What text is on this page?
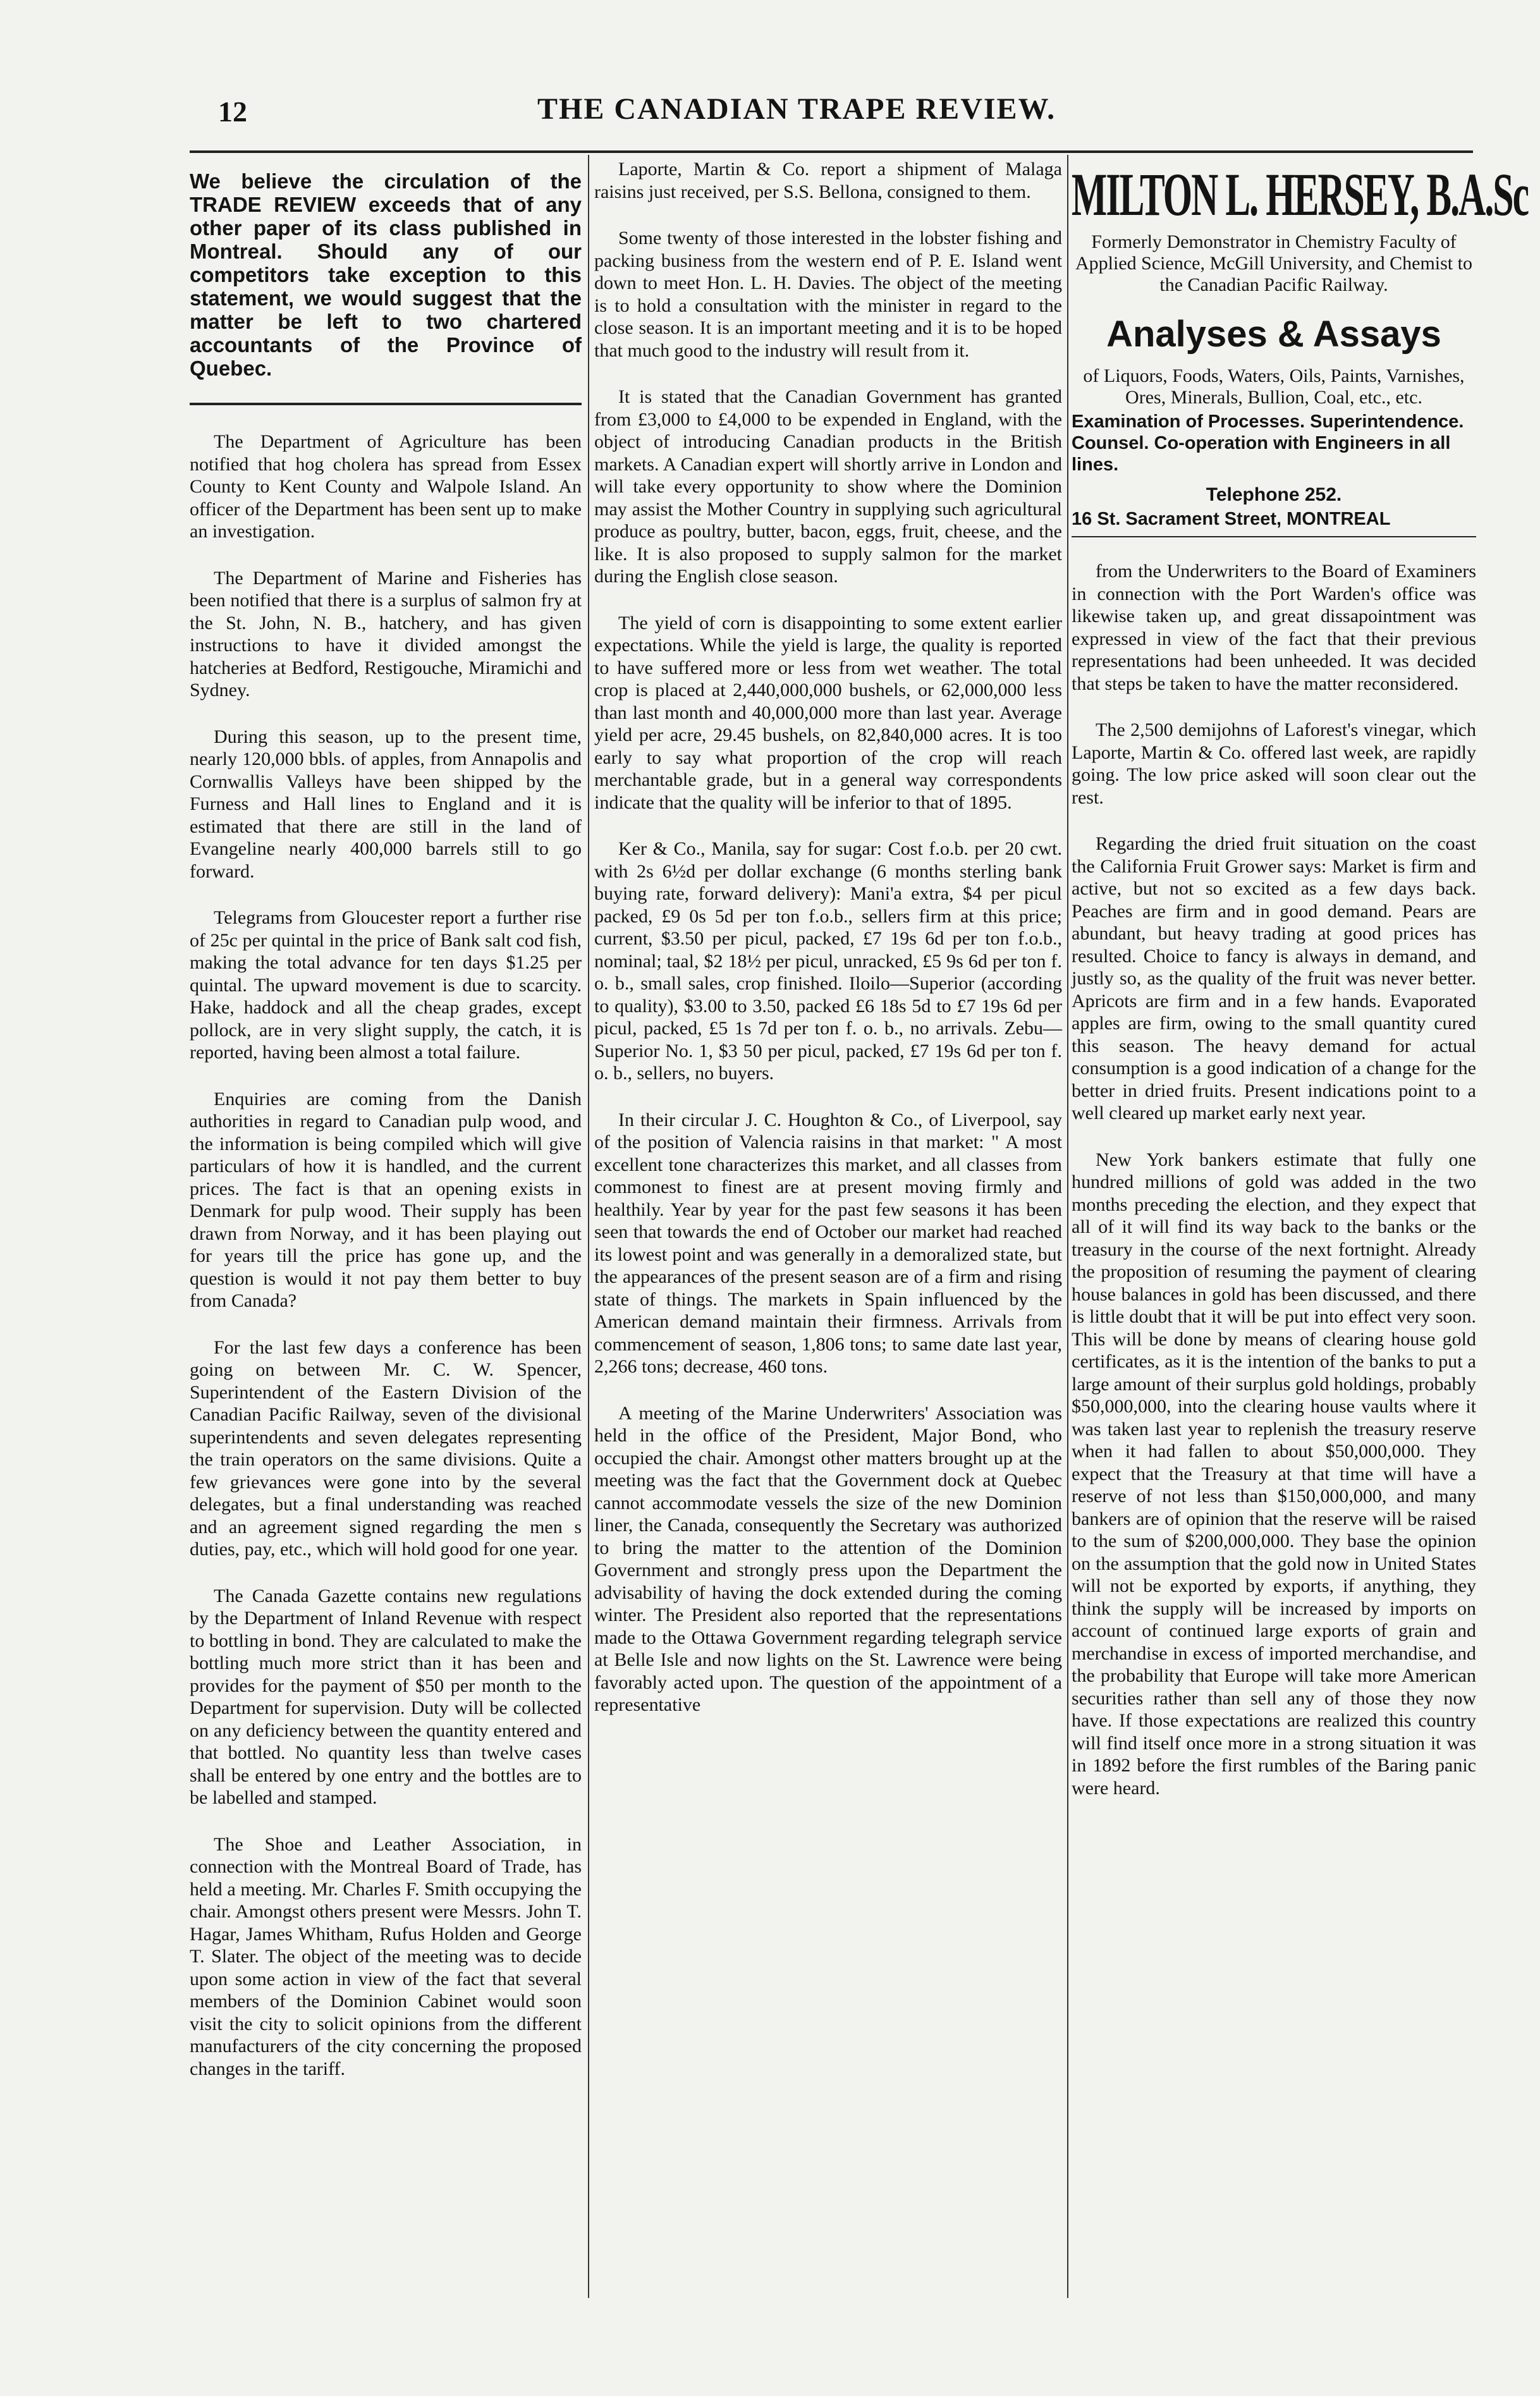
12	THE CANADIAN TRAPE REVIEW.

We believe the circulation of the TRADE REVIEW exceeds that of any other paper of its class published in Montreal. Should any of our competitors take exception to this statement, we would suggest that the matter be left to two chartered accountants of the Province of Quebec.

The Department of Agriculture has been notified that hog cholera has spread from Essex County to Kent County and Walpole Island. An officer of the Department has been sent up to make an investigation.

The Department of Marine and Fisheries has been notified that there is a surplus of salmon fry at the St. John, N. B., hatchery, and has given instructions to have it divided amongst the hatcheries at Bedford, Restigouche, Miramichi and Sydney.

During this season, up to the present time, nearly 120,000 bbls. of apples, from Annapolis and Cornwallis Valleys have been shipped by the Furness and Hall lines to England and it is estimated that there are still in the land of Evangeline nearly 400,000 barrels still to go forward.

Telegrams from Gloucester report a further rise of 25c per quintal in the price of Bank salt cod fish, making the total advance for ten days $1.25 per quintal. The upward movement is due to scarcity. Hake, haddock and all the cheap grades, except pollock, are in very slight supply, the catch, it is reported, having been almost a total failure.

Enquiries are coming from the Danish authorities in regard to Canadian pulp wood, and the information is being compiled which will give particulars of how it is handled, and the current prices. The fact is that an opening exists in Denmark for pulp wood. Their supply has been drawn from Norway, and it has been playing out for years till the price has gone up, and the question is would it not pay them better to buy from Canada?

For the last few days a conference has been going on between Mr. C. W. Spencer, Superintendent of the Eastern Division of the Canadian Pacific Railway, seven of the divisional superintendents and seven delegates representing the train operators on the same divisions. Quite a few grievances were gone into by the several delegates, but a final understanding was reached and an agreement signed regarding the men s duties, pay, etc., which will hold good for one year.

The Canada Gazette contains new regulations by the Department of Inland Revenue with respect to bottling in bond. They are calculated to make the bottling much more strict than it has been and provides for the payment of $50 per month to the Department for supervision. Duty will be collected on any deficiency between the quantity entered and that bottled. No quantity less than twelve cases shall be entered by one entry and the bottles are to be labelled and stamped.

The Shoe and Leather Association, in connection with the Montreal Board of Trade, has held a meeting. Mr. Charles F. Smith occupying the chair. Amongst others present were Messrs. John T. Hagar, James Whitham, Rufus Holden and George T. Slater. The object of the meeting was to decide upon some action in view of the fact that several members of the Dominion Cabinet would soon visit the city to solicit opinions from the different manufacturers of the city concerning the proposed changes in the tariff.

Laporte, Martin & Co. report a shipment of Malaga raisins just received, per S.S. Bellona, consigned to them.

Some twenty of those interested in the lobster fishing and packing business from the western end of P. E. Island went down to meet Hon. L. H. Davies. The object of the meeting is to hold a consultation with the minister in regard to the close season. It is an important meeting and it is to be hoped that much good to the industry will result from it.

It is stated that the Canadian Government has granted from £3,000 to £4,000 to be expended in England, with the object of introducing Canadian products in the British markets. A Canadian expert will shortly arrive in London and will take every opportunity to show where the Dominion may assist the Mother Country in supplying such agricultural produce as poultry, butter, bacon, eggs, fruit, cheese, and the like. It is also proposed to supply salmon for the market during the English close season.

The yield of corn is disappointing to some extent earlier expectations. While the yield is large, the quality is reported to have suffered more or less from wet weather. The total crop is placed at 2,440,000,000 bushels, or 62,000,000 less than last month and 40,000,000 more than last year. Average yield per acre, 29.45 bushels, on 82,840,000 acres. It is too early to say what proportion of the crop will reach merchantable grade, but in a general way correspondents indicate that the quality will be inferior to that of 1895.

Ker & Co., Manila, say for sugar: Cost f.o.b. per 20 cwt. with 2s 6½d per dollar exchange (6 months sterling bank buying rate, forward delivery): Mani'a extra, $4 per picul packed, £9 0s 5d per ton f.o.b., sellers firm at this price; current, $3.50 per picul, packed, £7 19s 6d per ton f.o.b., nominal; taal, $2 18½ per picul, unracked, £5 9s 6d per ton f. o. b., small sales, crop finished. Iloilo—Superior (according to quality), $3.00 to 3.50, packed £6 18s 5d to £7 19s 6d per picul, packed, £5 1s 7d per ton f. o. b., no arrivals. Zebu—Superior No. 1, $3 50 per picul, packed, £7 19s 6d per ton f. o. b., sellers, no buyers.

In their circular J. C. Houghton & Co., of Liverpool, say of the position of Valencia raisins in that market: " A most excellent tone characterizes this market, and all classes from commonest to finest are at present moving firmly and healthily. Year by year for the past few seasons it has been seen that towards the end of October our market had reached its lowest point and was generally in a demoralized state, but the appearances of the present season are of a firm and rising state of things. The markets in Spain influenced by the American demand maintain their firmness. Arrivals from commencement of season, 1,806 tons; to same date last year, 2,266 tons; decrease, 460 tons.

A meeting of the Marine Underwriters' Association was held in the office of the President, Major Bond, who occupied the chair. Amongst other matters brought up at the meeting was the fact that the Government dock at Quebec cannot accommodate vessels the size of the new Dominion liner, the Canada, consequently the Secretary was authorized to bring the matter to the attention of the Dominion Government and strongly press upon the Department the advisability of having the dock extended during the coming winter. The President also reported that the representations made to the Ottawa Government regarding telegraph service at Belle Isle and now lights on the St. Lawrence were being favorably acted upon. The question of the appointment of a representative

MILTON L. HERSEY, B.A.Sc
Formerly Demonstrator in Chemistry Faculty of Applied Science, McGill University, and Chemist to the Canadian Pacific Railway.
Analyses & Assays
of Liquors, Foods, Waters, Oils, Paints, Varnishes, Ores, Minerals, Bullion, Coal, etc., etc.
Examination of Processes. Superintendence. Counsel. Co-operation with Engineers in all lines.
Telephone 252.
16 St. Sacrament Street, MONTREAL

from the Underwriters to the Board of Examiners in connection with the Port Warden's office was likewise taken up, and great dissapointment was expressed in view of the fact that their previous representations had been unheeded. It was decided that steps be taken to have the matter reconsidered.

The 2,500 demijohns of Laforest's vinegar, which Laporte, Martin & Co. offered last week, are rapidly going. The low price asked will soon clear out the rest.

Regarding the dried fruit situation on the coast the California Fruit Grower says: Market is firm and active, but not so excited as a few days back. Peaches are firm and in good demand. Pears are abundant, but heavy trading at good prices has resulted. Choice to fancy is always in demand, and justly so, as the quality of the fruit was never better. Apricots are firm and in a few hands. Evaporated apples are firm, owing to the small quantity cured this season. The heavy demand for actual consumption is a good indication of a change for the better in dried fruits. Present indications point to a well cleared up market early next year.

New York bankers estimate that fully one hundred millions of gold was added in the two months preceding the election, and they expect that all of it will find its way back to the banks or the treasury in the course of the next fortnight. Already the proposition of resuming the payment of clearing house balances in gold has been discussed, and there is little doubt that it will be put into effect very soon. This will be done by means of clearing house gold certificates, as it is the intention of the banks to put a large amount of their surplus gold holdings, probably $50,000,000, into the clearing house vaults where it was taken last year to replenish the treasury reserve when it had fallen to about $50,000,000. They expect that the Treasury at that time will have a reserve of not less than $150,000,000, and many bankers are of opinion that the reserve will be raised to the sum of $200,000,000. They base the opinion on the assumption that the gold now in United States will not be exported by exports, if anything, they think the supply will be increased by imports on account of continued large exports of grain and merchandise in excess of imported merchandise, and the probability that Europe will take more American securities rather than sell any of those they now have. If those expectations are realized this country will find itself once more in a strong situation it was in 1892 before the first rumbles of the Baring panic were heard.
